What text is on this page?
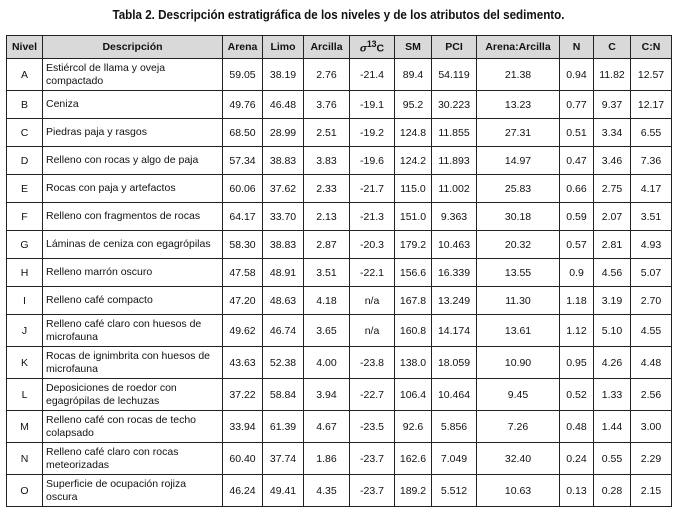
Tabla 2. Descripción estratigráfica de los niveles y de los atributos del sedimento.
Nivel	Descripción	Arena	Limo	Arcilla	$\sigma^{13}C$	SM	PCI	Arena:Arcilla	N	C	C:N
A	Estiércol de llama y oveja compactado	59.05	38.19	2.76	-21.4	89.4	54.119	21.38	0.94	11.82	12.57
B	Ceniza	49.76	46.48	3.76	-19.1	95.2	30.223	13.23	0.77	9.37	12.17
C	Piedras paja y rasgos	68.50	28.99	2.51	-19.2	124.8	11.855	27.31	0.51	3.34	6.55
D	Relleno con rocas y algo de paja	57.34	38.83	3.83	-19.6	124.2	11.893	14.97	0.47	3.46	7.36
E	Rocas con paja y artefactos	60.06	37.62	2.33	-21.7	115.0	11.002	25.83	0.66	2.75	4.17
F	Relleno con fragmentos de rocas	64.17	33.70	2.13	-21.3	151.0	9.363	30.18	0.59	2.07	3.51
G	Láminas de ceniza con egagrópilas	58.30	38.83	2.87	-20.3	179.2	10.463	20.32	0.57	2.81	4.93
H	Relleno marrón oscuro	47.58	48.91	3.51	-22.1	156.6	16.339	13.55	0.9	4.56	5.07
I	Relleno café compacto	47.20	48.63	4.18	n/a	167.8	13.249	11.30	1.18	3.19	2.70
J	Relleno café claro con huesos de microfauna	49.62	46.74	3.65	n/a	160.8	14.174	13.61	1.12	5.10	4.55
K	Rocas de ignimbrita con huesos de microfauna	43.63	52.38	4.00	-23.8	138.0	18.059	10.90	0.95	4.26	4.48
L	Deposiciones de roedor con egagrópilas de lechuzas	37.22	58.84	3.94	-22.7	106.4	10.464	9.45	0.52	1.33	2.56
M	Relleno café con rocas de techo colapsado	33.94	61.39	4.67	-23.5	92.6	5.856	7.26	0.48	1.44	3.00
N	Relleno café claro con rocas meteorizadas	60.40	37.74	1.86	-23.7	162.6	7.049	32.40	0.24	0.55	2.29
O	Superficie de ocupación rojiza oscura	46.24	49.41	4.35	-23.7	189.2	5.512	10.63	0.13	0.28	2.15
